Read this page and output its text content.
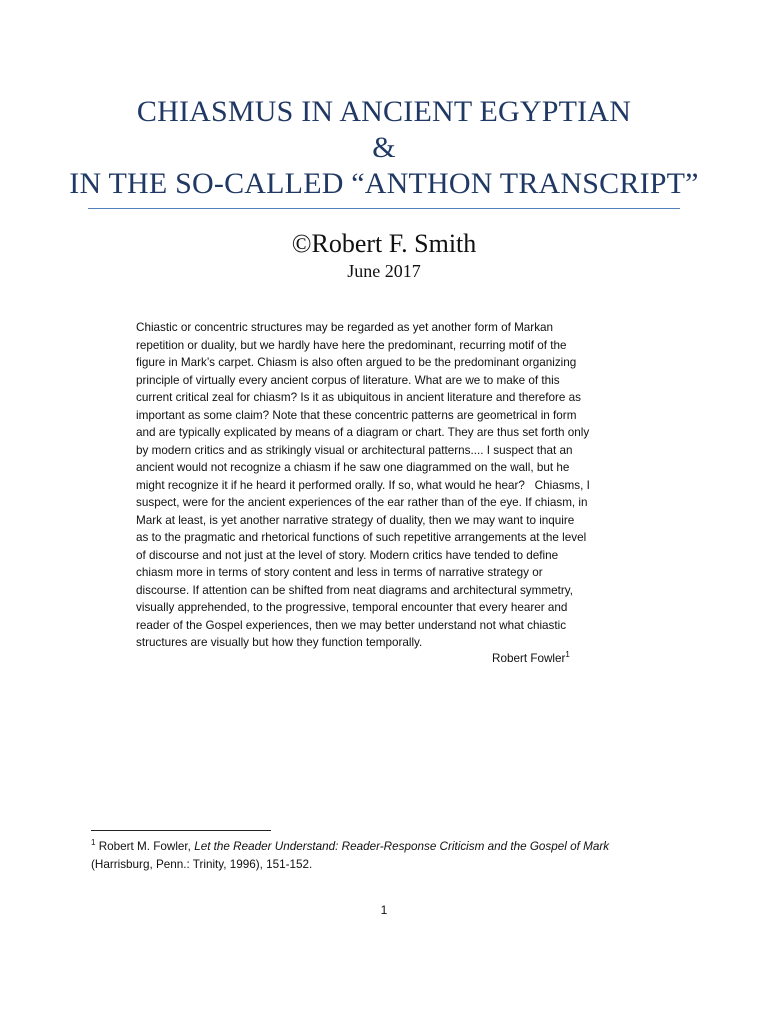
CHIASMUS IN ANCIENT EGYPTIAN
&
IN THE SO-CALLED “ANTHON TRANSCRIPT”
©Robert F. Smith
June 2017
Chiastic or concentric structures may be regarded as yet another form of Markan
repetition or duality, but we hardly have here the predominant, recurring motif of the
figure in Mark’s carpet. Chiasm is also often argued to be the predominant organizing
principle of virtually every ancient corpus of literature. What are we to make of this
current critical zeal for chiasm? Is it as ubiquitous in ancient literature and therefore as
important as some claim? Note that these concentric patterns are geometrical in form
and are typically explicated by means of a diagram or chart. They are thus set forth only
by modern critics and as strikingly visual or architectural patterns.... I suspect that an
ancient would not recognize a chiasm if he saw one diagrammed on the wall, but he
might recognize it if he heard it performed orally. If so, what would he hear?   Chiasms, I
suspect, were for the ancient experiences of the ear rather than of the eye. If chiasm, in
Mark at least, is yet another narrative strategy of duality, then we may want to inquire
as to the pragmatic and rhetorical functions of such repetitive arrangements at the level
of discourse and not just at the level of story. Modern critics have tended to define
chiasm more in terms of story content and less in terms of narrative strategy or
discourse. If attention can be shifted from neat diagrams and architectural symmetry,
visually apprehended, to the progressive, temporal encounter that every hearer and
reader of the Gospel experiences, then we may better understand not what chiastic
structures are visually but how they function temporally.
Robert Fowler$^1$
$^1$ Robert M. Fowler, Let the Reader Understand: Reader-Response Criticism and the Gospel of Mark
(Harrisburg, Penn.: Trinity, 1996), 151-152.
1
